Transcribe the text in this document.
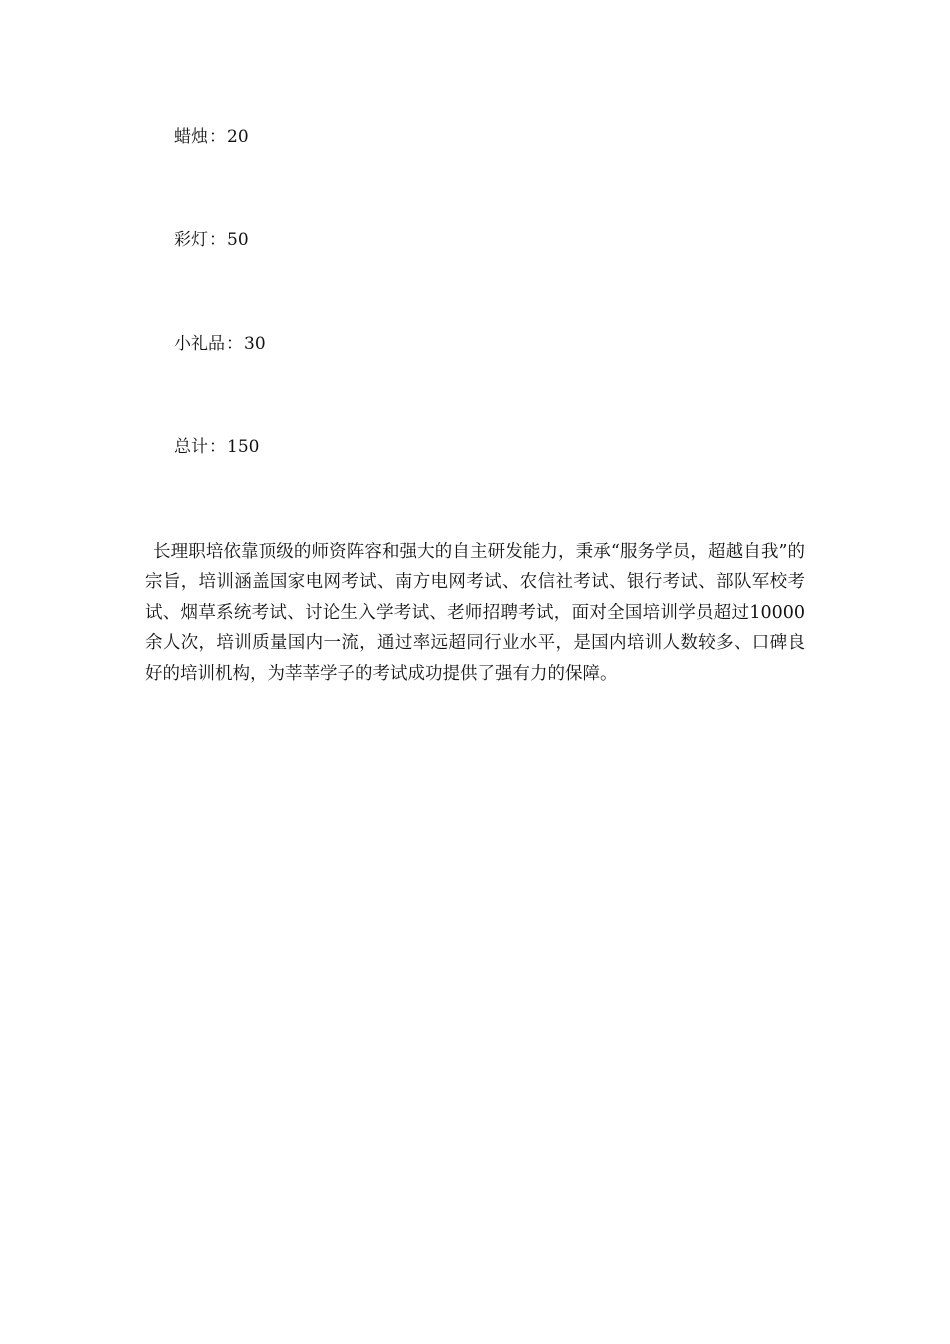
蜡烛：20
彩灯：50
小礼品：30
总计：150

长理职培依靠顶级的师资阵容和强大的自主研发能力，秉承“服务学员，超越自我”的宗旨，培训涵盖国家电网考试、南方电网考试、农信社考试、银行考试、部队军校考试、烟草系统考试、讨论生入学考试、老师招聘考试，面对全国培训学员超过10000余人次，培训质量国内一流，通过率远超同行业水平，是国内培训人数较多、口碑良好的培训机构，为莘莘学子的考试成功提供了强有力的保障。
